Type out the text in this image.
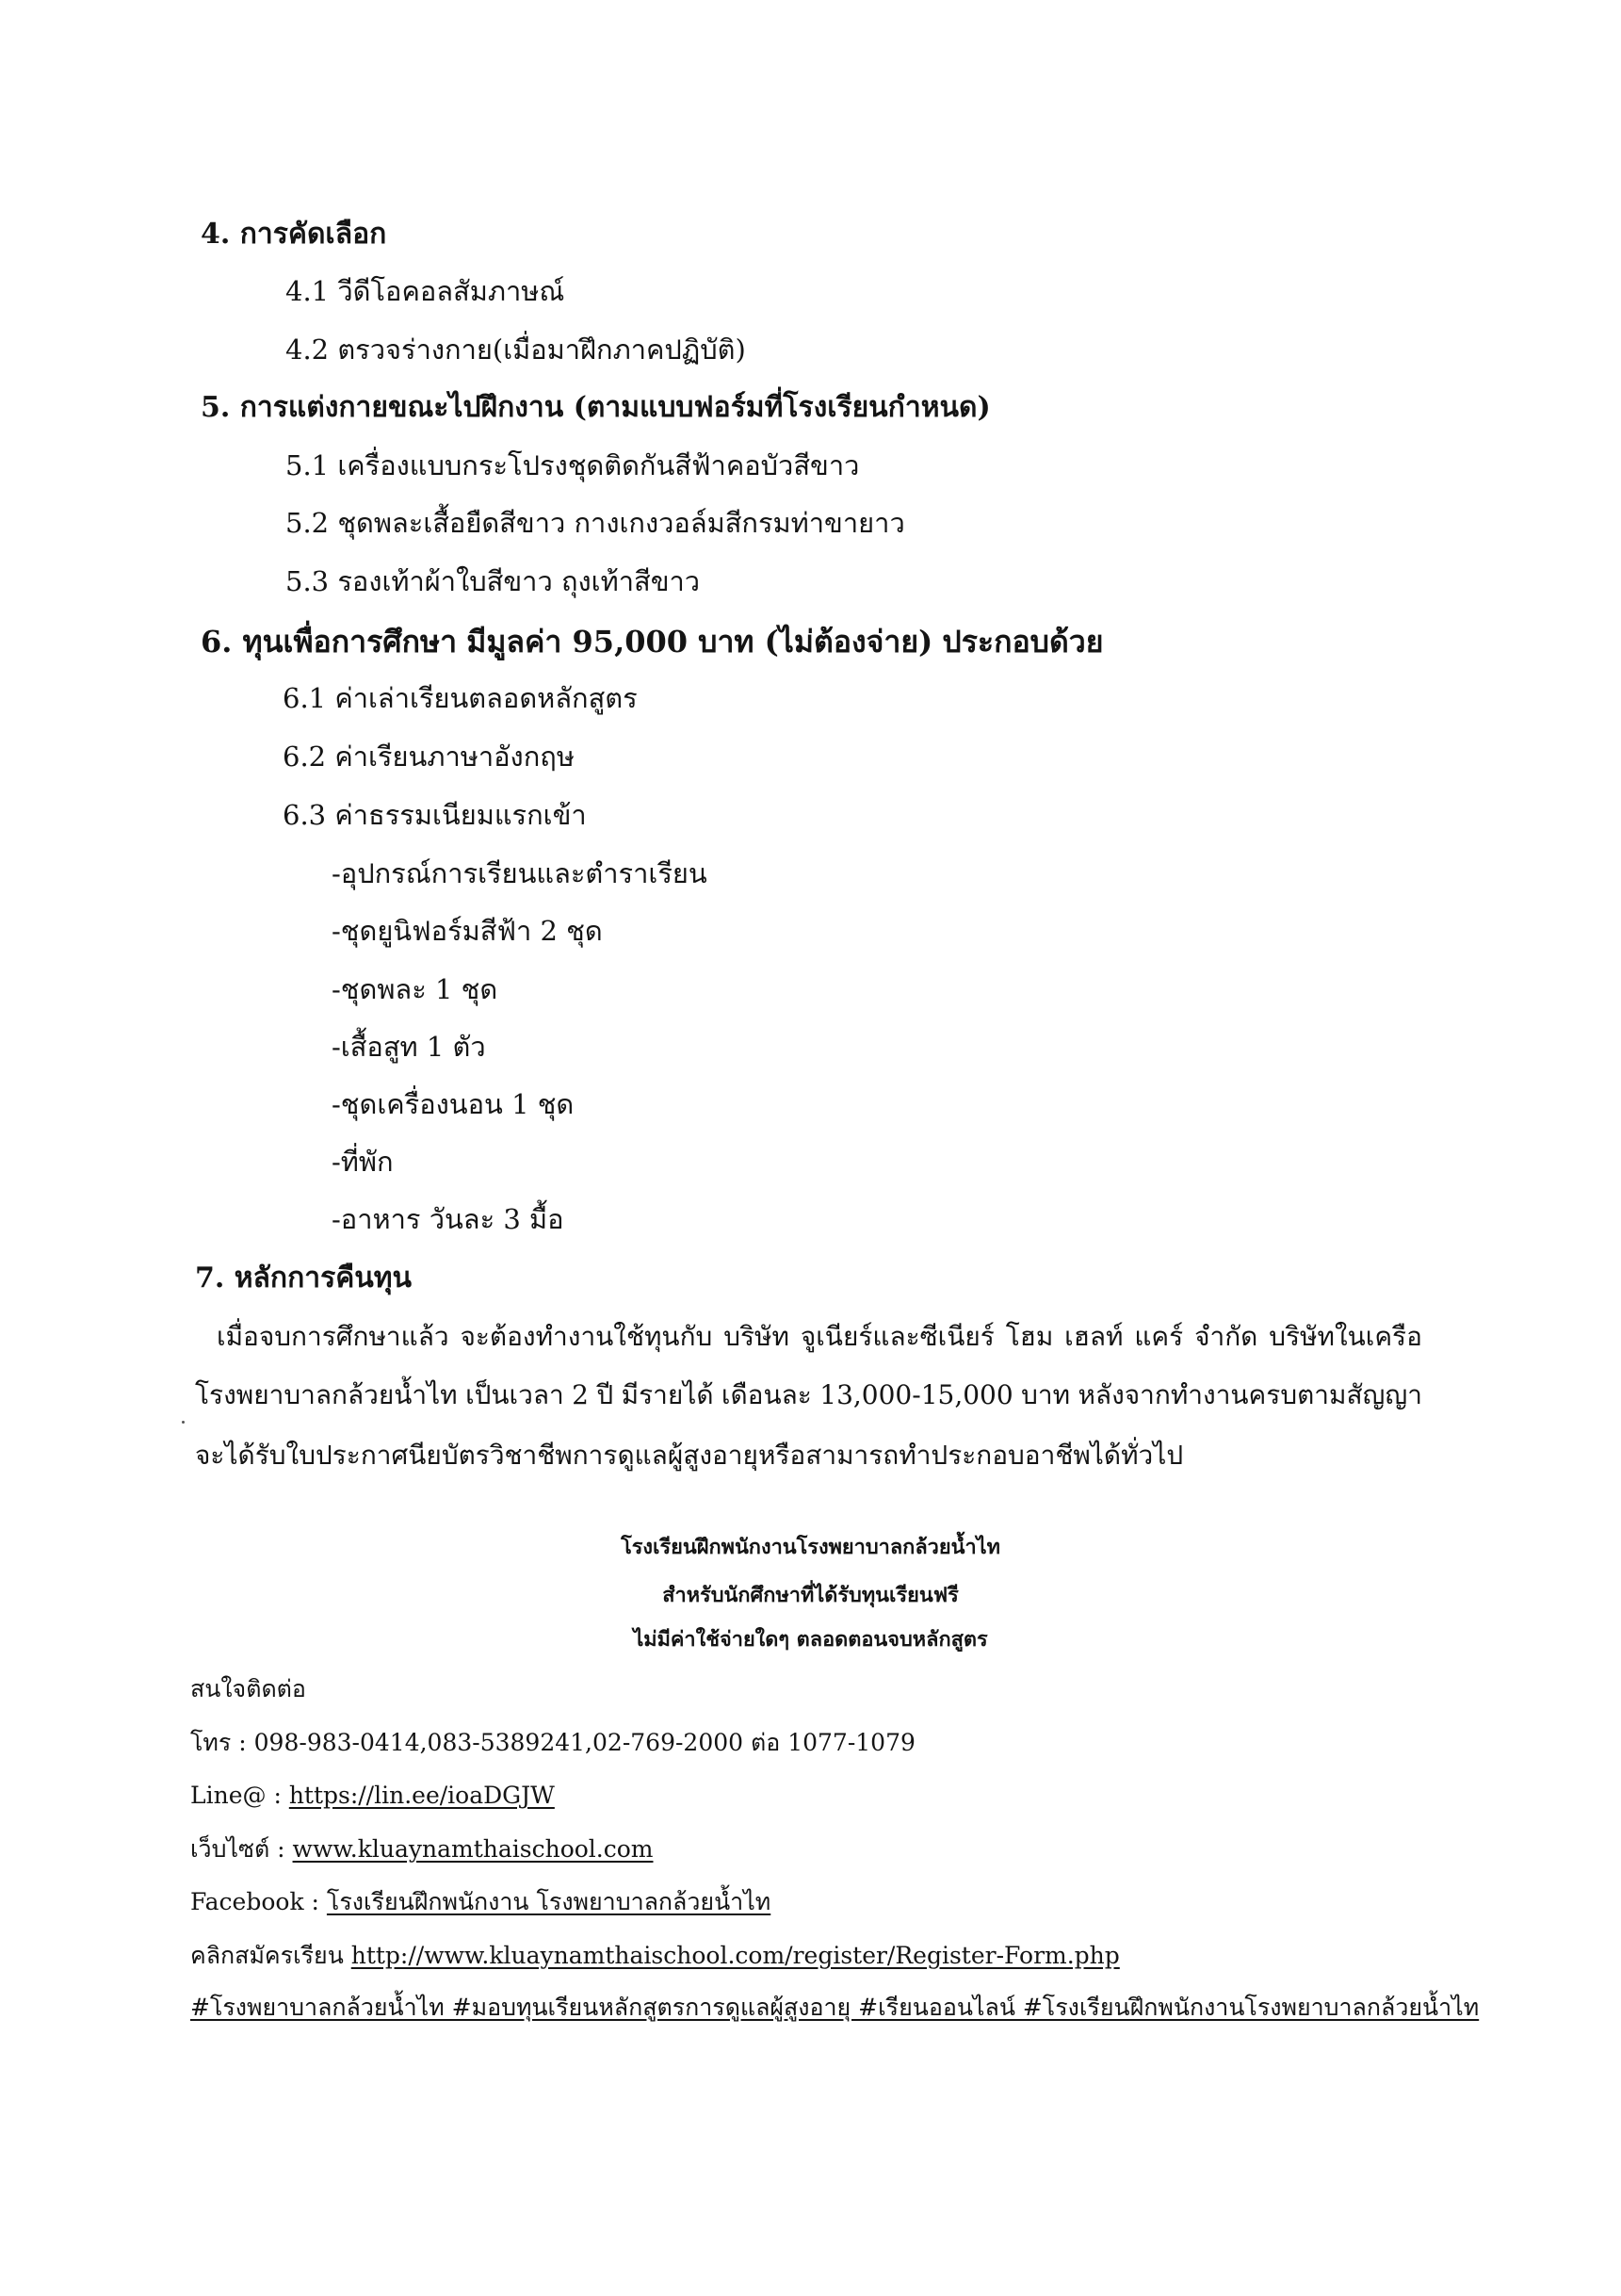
4. การคัดเลือก
4.1 วีดีโอคอลสัมภาษณ์
4.2 ตรวจร่างกาย(เมื่อมาฝึกภาคปฏิบัติ)
5. การแต่งกายขณะไปฝึกงาน (ตามแบบฟอร์มที่โรงเรียนกำหนด)
5.1 เครื่องแบบกระโปรงชุดติดกันสีฟ้าคอบัวสีขาว
5.2 ชุดพละเสื้อยืดสีขาว กางเกงวอล์มสีกรมท่าขายาว
5.3 รองเท้าผ้าใบสีขาว ถุงเท้าสีขาว
6. ทุนเพื่อการศึกษา มีมูลค่า 95,000 บาท (ไม่ต้องจ่าย) ประกอบด้วย
6.1 ค่าเล่าเรียนตลอดหลักสูตร
6.2 ค่าเรียนภาษาอังกฤษ
6.3 ค่าธรรมเนียมแรกเข้า
-อุปกรณ์การเรียนและตำราเรียน
-ชุดยูนิฟอร์มสีฟ้า 2 ชุด
-ชุดพละ 1 ชุด
-เสื้อสูท 1 ตัว
-ชุดเครื่องนอน 1 ชุด
-ที่พัก
-อาหาร วันละ 3 มื้อ
7. หลักการคืนทุน
เมื่อจบการศึกษาแล้ว จะต้องทำงานใช้ทุนกับ บริษัท จูเนียร์และซีเนียร์ โฮม เฮลท์ แคร์ จำกัด บริษัทในเครือ
โรงพยาบาลกล้วยน้ำไท เป็นเวลา 2 ปี มีรายได้ เดือนละ 13,000-15,000 บาท หลังจากทำงานครบตามสัญญา
จะได้รับใบประกาศนียบัตรวิชาชีพการดูแลผู้สูงอายุหรือสามารถทำประกอบอาชีพได้ทั่วไป
โรงเรียนฝึกพนักงานโรงพยาบาลกล้วยน้ำไท
สำหรับนักศึกษาที่ได้รับทุนเรียนฟรี
ไม่มีค่าใช้จ่ายใดๆ ตลอดตอนจบหลักสูตร
สนใจติดต่อ
โทร : 098-983-0414,083-5389241,02-769-2000 ต่อ 1077-1079
Line@ : https://lin.ee/ioaDGJW
เว็บไซต์ : www.kluaynamthaischool.com
Facebook : โรงเรียนฝึกพนักงาน โรงพยาบาลกล้วยน้ำไท
คลิกสมัครเรียน http://www.kluaynamthaischool.com/register/Register-Form.php
#โรงพยาบาลกล้วยน้ำไท #มอบทุนเรียนหลักสูตรการดูแลผู้สูงอายุ #เรียนออนไลน์ #โรงเรียนฝึกพนักงานโรงพยาบาลกล้วยน้ำไท
